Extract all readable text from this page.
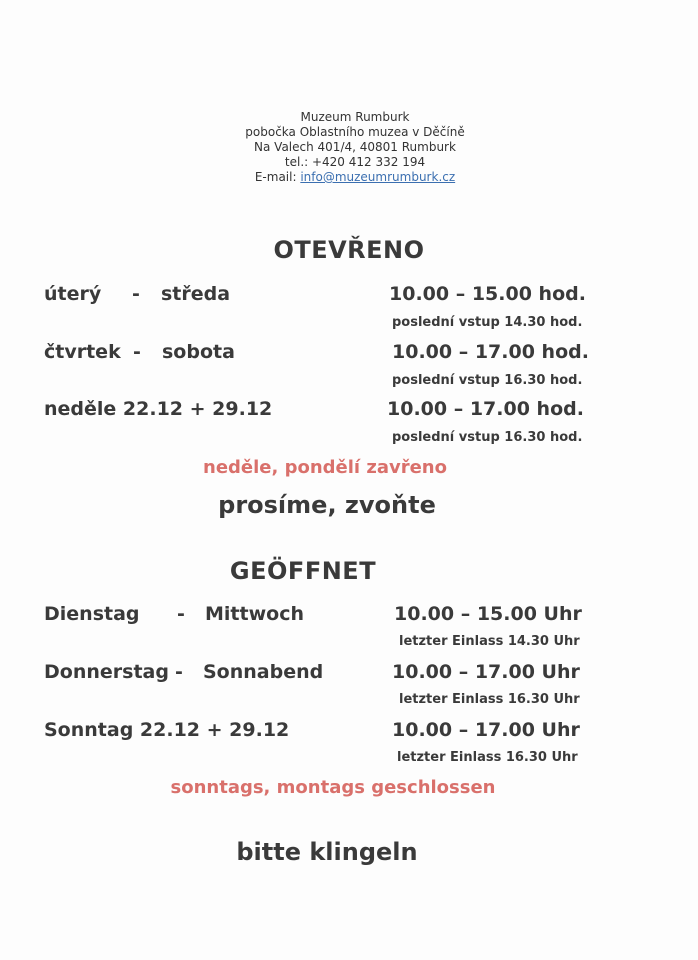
Muzeum Rumburk
pobočka Oblastního muzea v Děčíně
Na Valech 401/4, 40801 Rumburk
tel.: +420 412 332 194
E-mail: info@muzeumrumburk.cz
OTEVŘENO
úterý - středa	10.00 – 15.00 hod.
poslední vstup 14.30 hod.
čtvrtek - sobota	10.00 – 17.00 hod.
poslední vstup 16.30 hod.
neděle 22.12 + 29.12	10.00 – 17.00 hod.
poslední vstup 16.30 hod.
neděle, pondělí zavřeno
prosíme, zvoňte
GEÖFFNET
Dienstag - Mittwoch	10.00 – 15.00 Uhr
letzter Einlass 14.30 Uhr
Donnerstag - Sonnabend	10.00 – 17.00 Uhr
letzter Einlass 16.30 Uhr
Sonntag 22.12 + 29.12	10.00 – 17.00 Uhr
letzter Einlass 16.30 Uhr
sonntags, montags geschlossen
bitte klingeln
